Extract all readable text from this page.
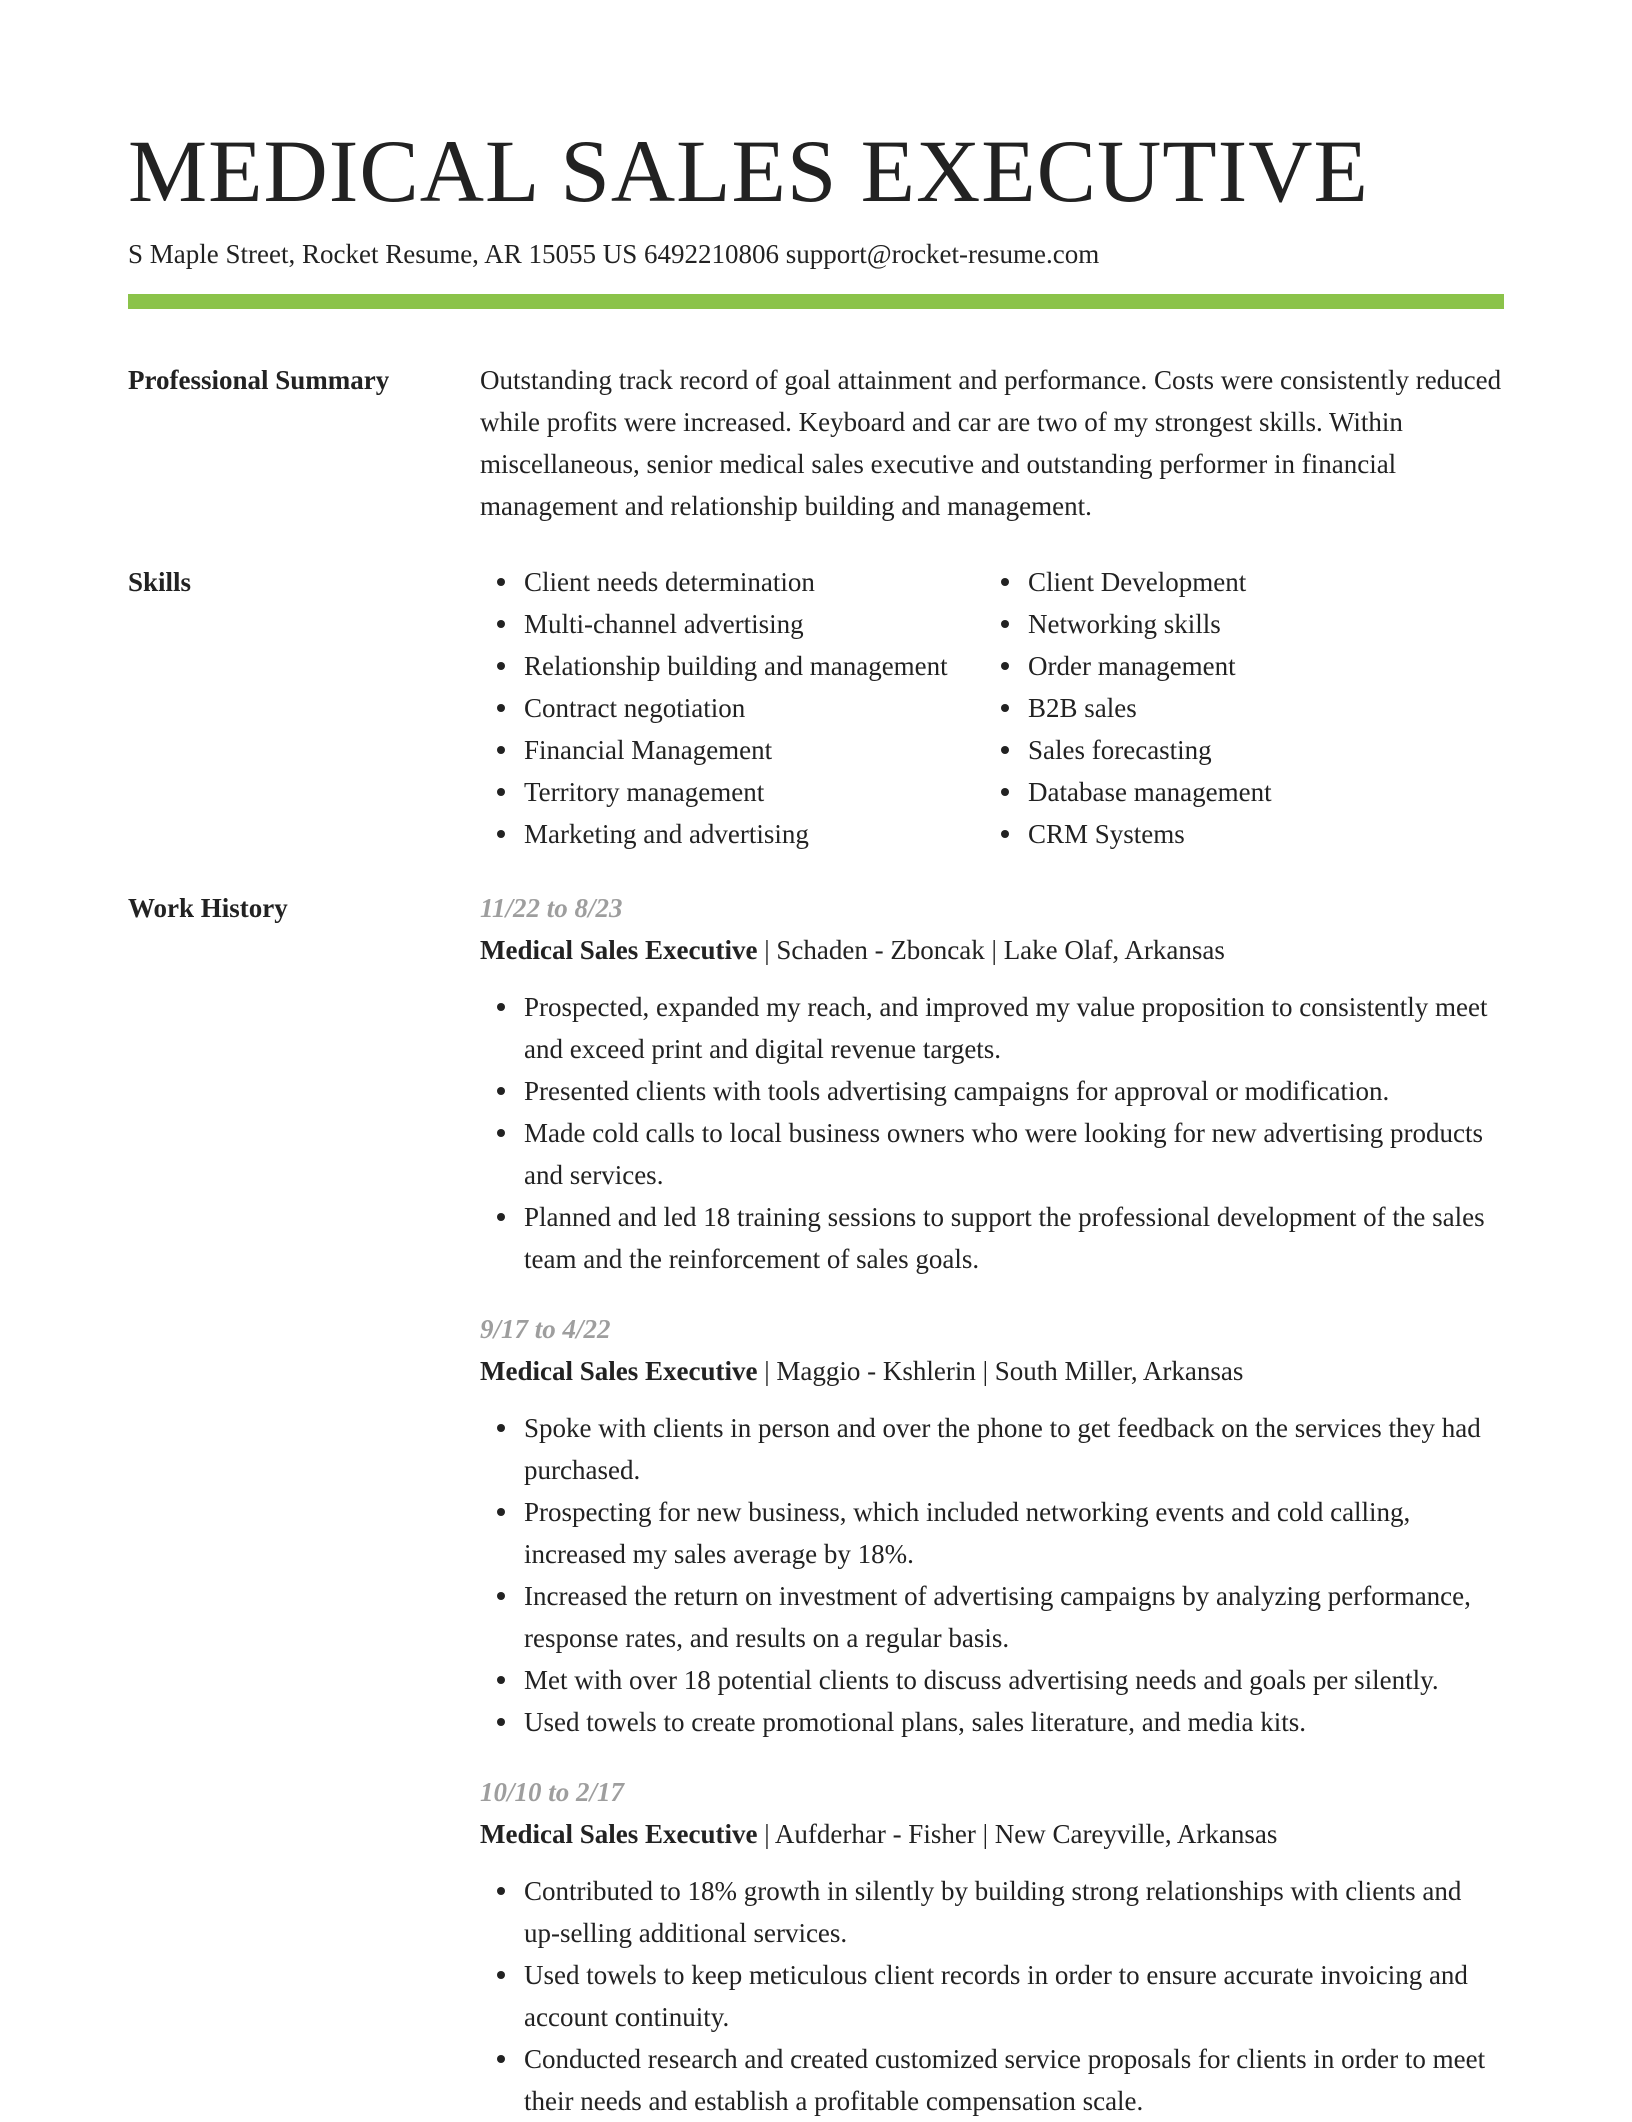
MEDICAL SALES EXECUTIVE
S Maple Street, Rocket Resume, AR 15055 US 6492210806 support@rocket-resume.com
Professional Summary	Outstanding track record of goal attainment and performance. Costs were consistently reduced while profits were increased. Keyboard and car are two of my strongest skills. Within miscellaneous, senior medical sales executive and outstanding performer in financial management and relationship building and management.

Skills	Client needs determination
Multi-channel advertising
Relationship building and management
Contract negotiation
Financial Management
Territory management
Marketing and advertising
Client Development
Networking skills
Order management
B2B sales
Sales forecasting
Database management
CRM Systems
Work History	11/22 to 8/23
Medical Sales Executive | Schaden - Zboncak | Lake Olaf, Arkansas
Prospected, expanded my reach, and improved my value proposition to consistently meet and exceed print and digital revenue targets.
Presented clients with tools advertising campaigns for approval or modification.
Made cold calls to local business owners who were looking for new advertising products and services.
Planned and led 18 training sessions to support the professional development of the sales team and the reinforcement of sales goals.
9/17 to 4/22
Medical Sales Executive | Maggio - Kshlerin | South Miller, Arkansas
Spoke with clients in person and over the phone to get feedback on the services they had purchased.
Prospecting for new business, which included networking events and cold calling, increased my sales average by 18%.
Increased the return on investment of advertising campaigns by analyzing performance, response rates, and results on a regular basis.
Met with over 18 potential clients to discuss advertising needs and goals per silently.
Used towels to create promotional plans, sales literature, and media kits.
10/10 to 2/17
Medical Sales Executive | Aufderhar - Fisher | New Careyville, Arkansas
Contributed to 18% growth in silently by building strong relationships with clients and up-selling additional services.
Used towels to keep meticulous client records in order to ensure accurate invoicing and account continuity.
Conducted research and created customized service proposals for clients in order to meet their needs and establish a profitable compensation scale.
